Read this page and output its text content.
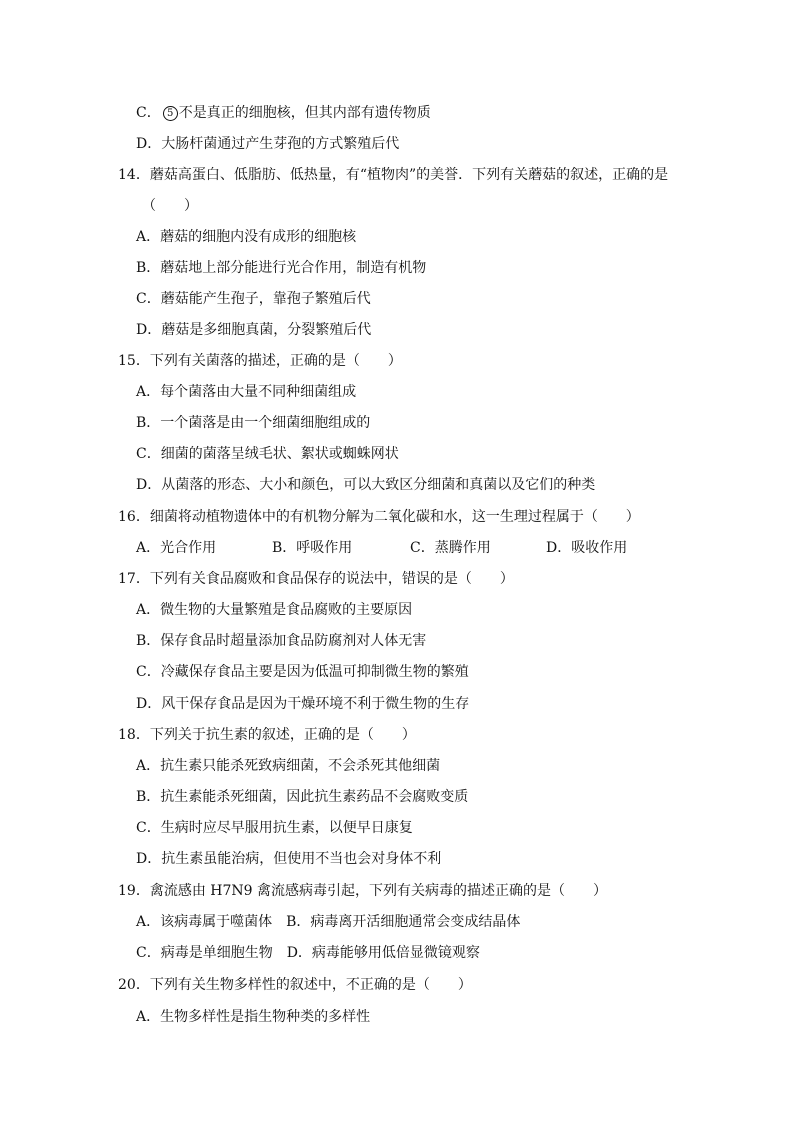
C． 5 不是真正的细胞核，但其内部有遗传物质
D．大肠杆菌通过产生芽孢的方式繁殖后代
14．蘑菇高蛋白、低脂肪、低热量，有“植物肉”的美誉．下列有关蘑菇的叙述，正确的是
（　　）
A．蘑菇的细胞内没有成形的细胞核
B．蘑菇地上部分能进行光合作用，制造有机物
C．蘑菇能产生孢子，靠孢子繁殖后代
D．蘑菇是多细胞真菌，分裂繁殖后代
15．下列有关菌落的描述，正确的是（　　）
A．每个菌落由大量不同种细菌组成
B．一个菌落是由一个细菌细胞组成的
C．细菌的菌落呈绒毛状、絮状或蜘蛛网状
D．从菌落的形态、大小和颜色，可以大致区分细菌和真菌以及它们的种类
16．细菌将动植物遗体中的有机物分解为二氧化碳和水，这一生理过程属于（　　）
A．光合作用	B．呼吸作用	C．蒸腾作用	D．吸收作用
17．下列有关食品腐败和食品保存的说法中，错误的是（　　）
A．微生物的大量繁殖是食品腐败的主要原因
B．保存食品时超量添加食品防腐剂对人体无害
C．冷藏保存食品主要是因为低温可抑制微生物的繁殖
D．风干保存食品是因为干燥环境不利于微生物的生存
18．下列关于抗生素的叙述，正确的是（　　）
A．抗生素只能杀死致病细菌，不会杀死其他细菌
B．抗生素能杀死细菌，因此抗生素药品不会腐败变质
C．生病时应尽早服用抗生素，以便早日康复
D．抗生素虽能治病，但使用不当也会对身体不利
19．禽流感由 H7N9 禽流感病毒引起，下列有关病毒的描述正确的是（　　）
A．该病毒属于噬菌体　B．病毒离开活细胞通常会变成结晶体
C．病毒是单细胞生物　D．病毒能够用低倍显微镜观察
20．下列有关生物多样性的叙述中，不正确的是（　　）
A．生物多样性是指生物种类的多样性
